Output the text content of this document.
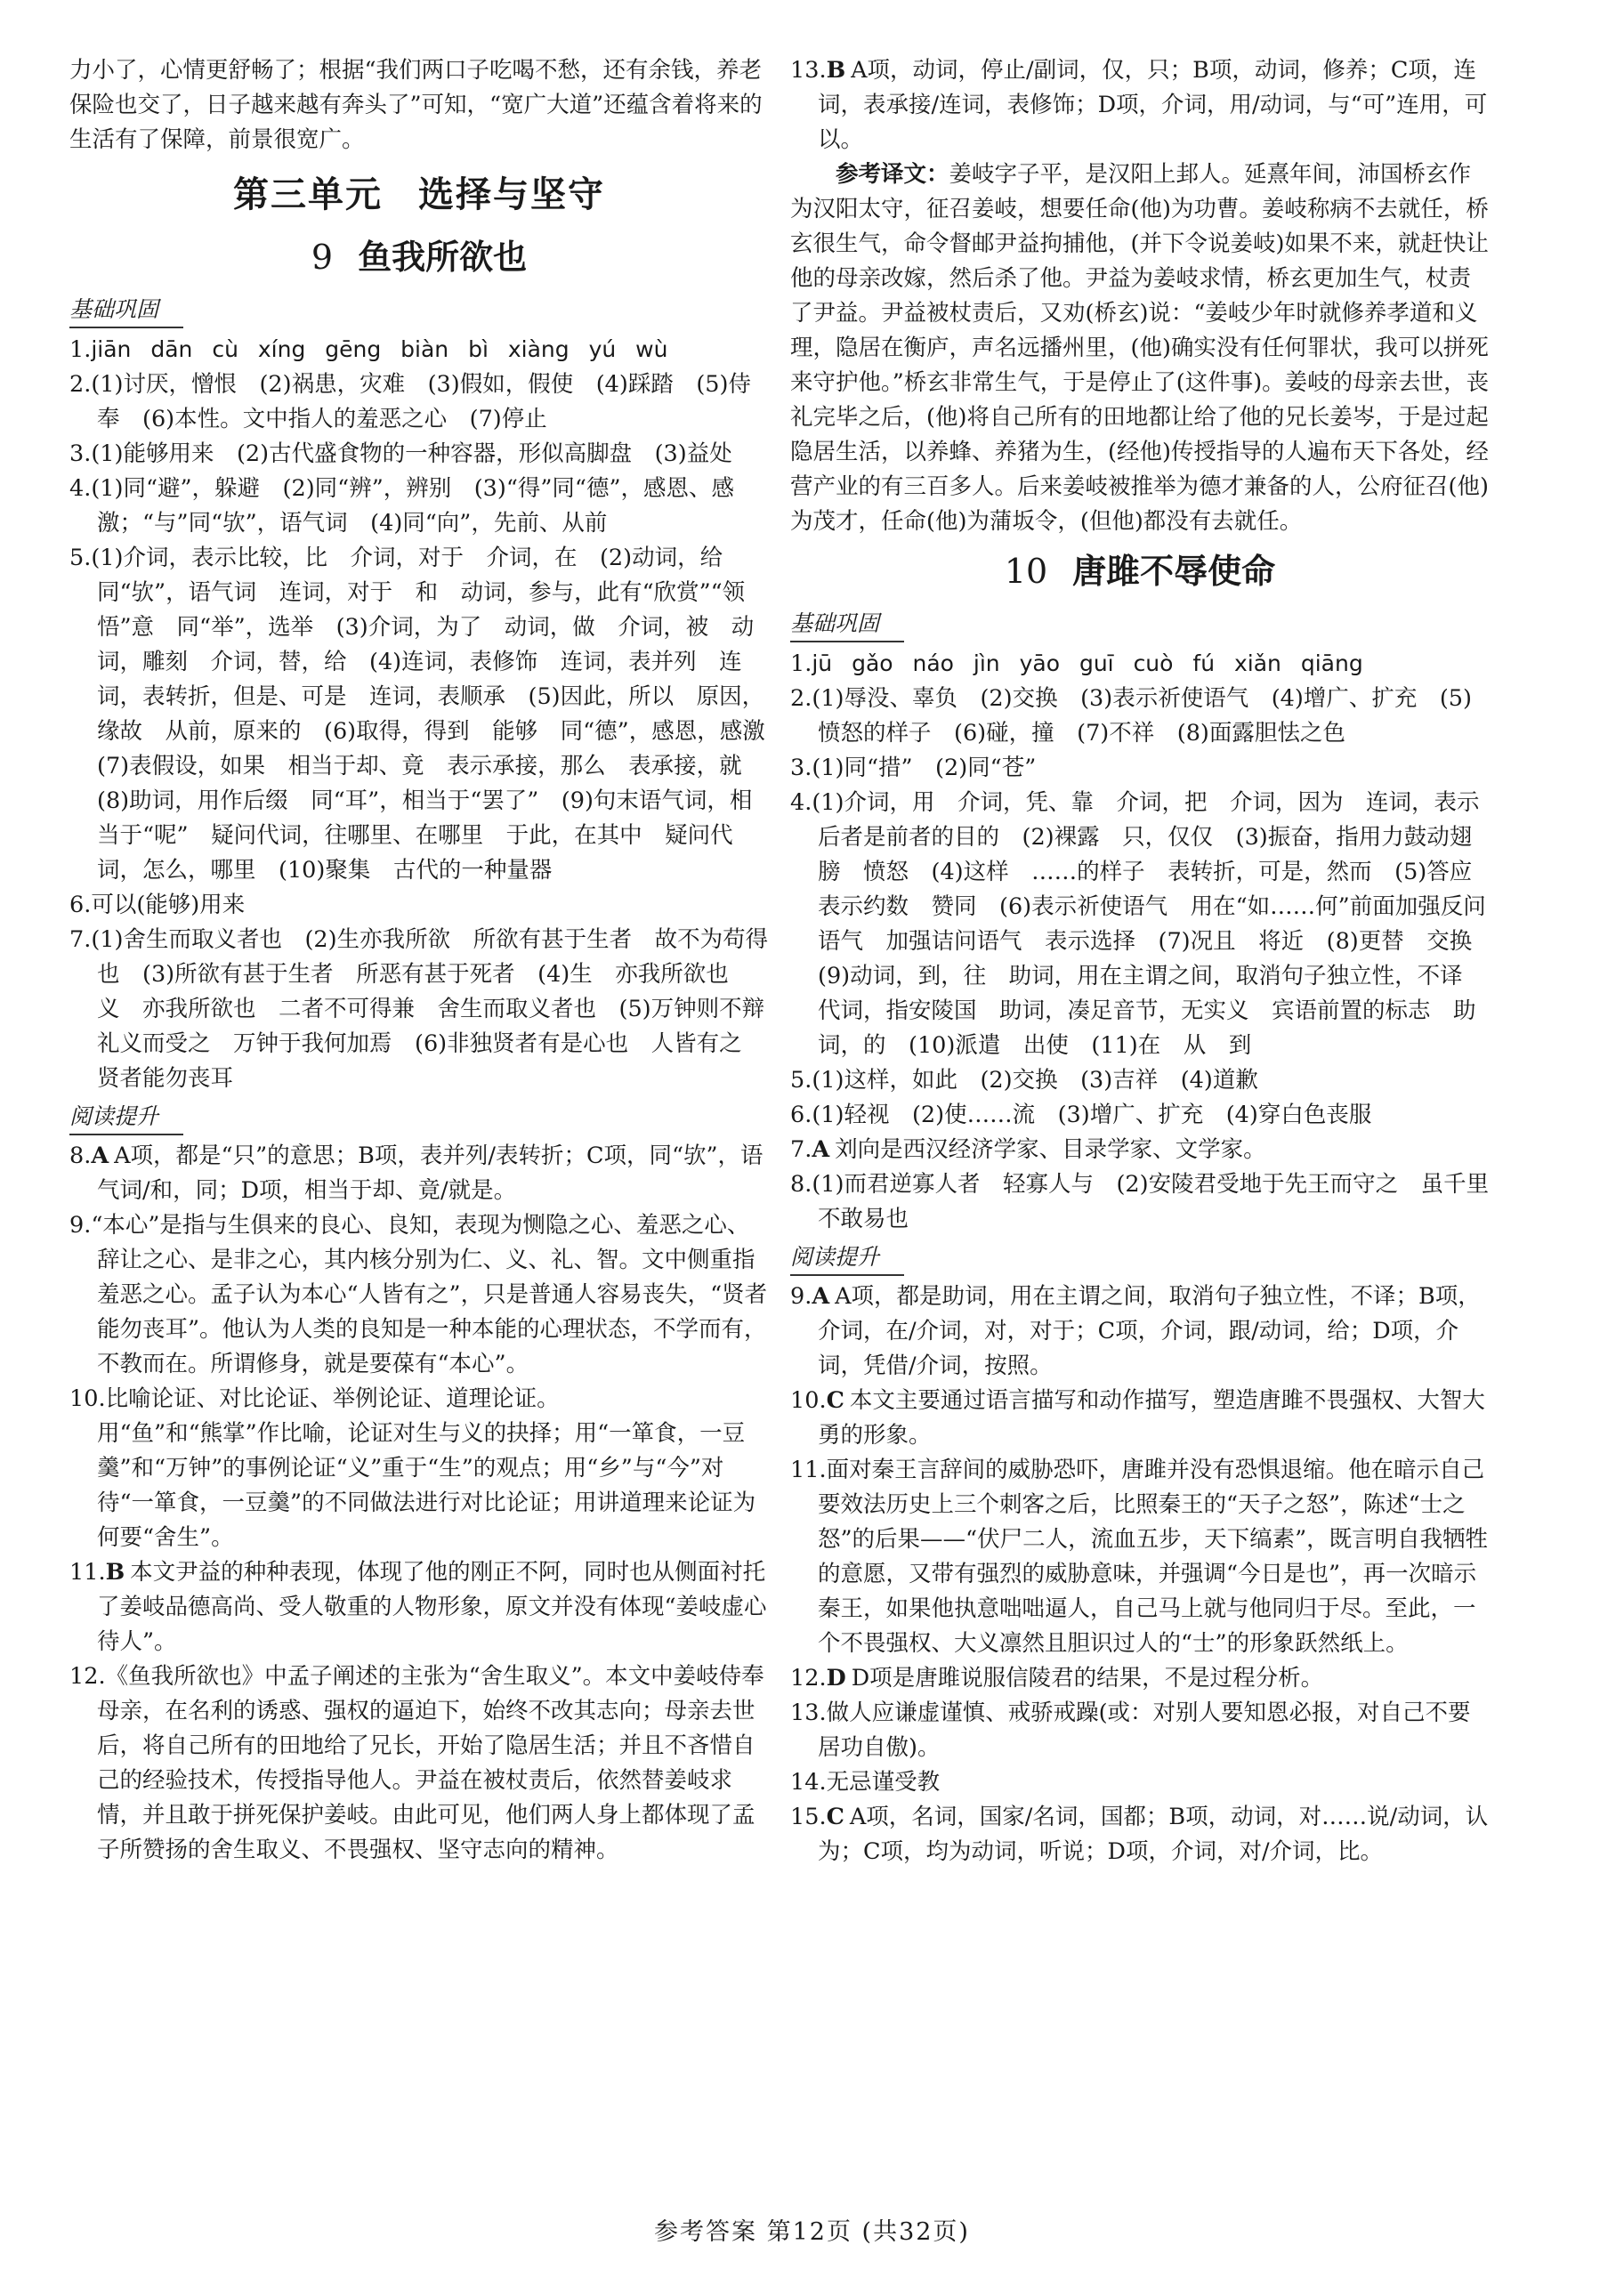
力小了，心情更舒畅了；根据“我们两口子吃喝不愁，还有余钱，养老保险也交了，日子越来越有奔头了”可知，“宽广大道”还蕴含着将来的生活有了保障，前景很宽广。

第三单元 选择与坚守
9 鱼我所欲也
基础巩固

1.jiān dān cù xíng gēng biàn bì xiàng yú wù

2.(1)讨厌，憎恨　(2)祸患，灾难　(3)假如，假使　(4)踩踏　(5)侍奉　(6)本性。文中指人的羞恶之心　(7)停止

3.(1)能够用来　(2)古代盛食物的一种容器，形似高脚盘　(3)益处

4.(1)同“避”，躲避　(2)同“辨”，辨别　(3)“得”同“德”，感恩、感激；“与”同“欤”，语气词　(4)同“向”，先前、从前

5.(1)介词，表示比较，比　介词，对于　介词，在　(2)动词，给　同“欤”，语气词　连词，对于　和　动词，参与，此有“欣赏”“领悟”意　同“举”，选举　(3)介词，为了　动词，做　介词，被　动词，雕刻　介词，替，给　(4)连词，表修饰　连词，表并列　连词，表转折，但是、可是　连词，表顺承　(5)因此，所以　原因，缘故　从前，原来的　(6)取得，得到　能够　同“德”，感恩，感激　(7)表假设，如果　相当于却、竟　表示承接，那么　表承接，就　(8)助词，用作后缀　同“耳”，相当于“罢了”　(9)句末语气词，相当于“呢”　疑问代词，往哪里、在哪里　于此，在其中　疑问代词，怎么，哪里　(10)聚集　古代的一种量器

6.可以(能够)用来

7.(1)舍生而取义者也　(2)生亦我所欲　所欲有甚于生者　故不为苟得也　(3)所欲有甚于生者　所恶有甚于死者　(4)生　亦我所欲也　义　亦我所欲也　二者不可得兼　舍生而取义者也　(5)万钟则不辩礼义而受之　万钟于我何加焉　(6)非独贤者有是心也　人皆有之　贤者能勿丧耳

阅读提升

8.A A项，都是“只”的意思；B项，表并列/表转折；C项，同“欤”，语气词/和，同；D项，相当于却、竟/就是。

9.“本心”是指与生俱来的良心、良知，表现为恻隐之心、羞恶之心、辞让之心、是非之心，其内核分别为仁、义、礼、智。文中侧重指羞恶之心。孟子认为本心“人皆有之”，只是普通人容易丧失，“贤者能勿丧耳”。他认为人类的良知是一种本能的心理状态，不学而有，不教而在。所谓修身，就是要葆有“本心”。

10.比喻论证、对比论证、举例论证、道理论证。
用“鱼”和“熊掌”作比喻，论证对生与义的抉择；用“一箪食，一豆羹”和“万钟”的事例论证“义”重于“生”的观点；用“乡”与“今”对待“一箪食，一豆羹”的不同做法进行对比论证；用讲道理来论证为何要“舍生”。

11.B 本文尹益的种种表现，体现了他的刚正不阿，同时也从侧面衬托了姜岐品德高尚、受人敬重的人物形象，原文并没有体现“姜岐虚心待人”。

12.《鱼我所欲也》中孟子阐述的主张为“舍生取义”。本文中姜岐侍奉母亲，在名利的诱惑、强权的逼迫下，始终不改其志向；母亲去世后，将自己所有的田地给了兄长，开始了隐居生活；并且不吝惜自己的经验技术，传授指导他人。尹益在被杖责后，依然替姜岐求情，并且敢于拼死保护姜岐。由此可见，他们两人身上都体现了孟子所赞扬的舍生取义、不畏强权、坚守志向的精神。

13.B A项，动词，停止/副词，仅，只；B项，动词，修养；C项，连词，表承接/连词，表修饰；D项，介词，用/动词，与“可”连用，可以。

参考译文：姜岐字子平，是汉阳上邽人。延熹年间，沛国桥玄作为汉阳太守，征召姜岐，想要任命(他)为功曹。姜岐称病不去就任，桥玄很生气，命令督邮尹益拘捕他，(并下令说姜岐)如果不来，就赶快让他的母亲改嫁，然后杀了他。尹益为姜岐求情，桥玄更加生气，杖责了尹益。尹益被杖责后，又劝(桥玄)说：“姜岐少年时就修养孝道和义理，隐居在衡庐，声名远播州里，(他)确实没有任何罪状，我可以拼死来守护他。”桥玄非常生气，于是停止了(这件事)。姜岐的母亲去世，丧礼完毕之后，(他)将自己所有的田地都让给了他的兄长姜岑，于是过起隐居生活，以养蜂、养猪为生，(经他)传授指导的人遍布天下各处，经营产业的有三百多人。后来姜岐被推举为德才兼备的人，公府征召(他)为茂才，任命(他)为蒲坂令，(但他)都没有去就任。

10 唐雎不辱使命
基础巩固

1.jū gǎo náo jìn yāo guī cuò fú xiǎn qiāng

2.(1)辱没、辜负　(2)交换　(3)表示祈使语气　(4)增广、扩充　(5)愤怒的样子　(6)碰，撞　(7)不祥　(8)面露胆怯之色

3.(1)同“措”　(2)同“苍”

4.(1)介词，用　介词，凭、靠　介词，把　介词，因为　连词，表示后者是前者的目的　(2)裸露　只，仅仅　(3)振奋，指用力鼓动翅膀　愤怒　(4)这样　……的样子　表转折，可是，然而　(5)答应　表示约数　赞同　(6)表示祈使语气　用在“如……何”前面加强反问语气　加强诘问语气　表示选择　(7)况且　将近　(8)更替　交换　(9)动词，到，往　助词，用在主谓之间，取消句子独立性，不译　代词，指安陵国　助词，凑足音节，无实义　宾语前置的标志　助词，的　(10)派遣　出使　(11)在　从　到

5.(1)这样，如此　(2)交换　(3)吉祥　(4)道歉

6.(1)轻视　(2)使……流　(3)增广、扩充　(4)穿白色丧服

7.A 刘向是西汉经济学家、目录学家、文学家。

8.(1)而君逆寡人者　轻寡人与　(2)安陵君受地于先王而守之　虽千里不敢易也

阅读提升

9.A A项，都是助词，用在主谓之间，取消句子独立性，不译；B项，介词，在/介词，对，对于；C项，介词，跟/动词，给；D项，介词，凭借/介词，按照。

10.C 本文主要通过语言描写和动作描写，塑造唐雎不畏强权、大智大勇的形象。

11.面对秦王言辞间的威胁恐吓，唐雎并没有恐惧退缩。他在暗示自己要效法历史上三个刺客之后，比照秦王的“天子之怒”，陈述“士之怒”的后果——“伏尸二人，流血五步，天下缟素”，既言明自我牺牲的意愿，又带有强烈的威胁意味，并强调“今日是也”，再一次暗示秦王，如果他执意咄咄逼人，自己马上就与他同归于尽。至此，一个不畏强权、大义凛然且胆识过人的“士”的形象跃然纸上。

12.D D项是唐雎说服信陵君的结果，不是过程分析。

13.做人应谦虚谨慎、戒骄戒躁(或：对别人要知恩必报，对自己不要居功自傲)。

14.无忌谨受教

15.C A项，名词，国家/名词，国都；B项，动词，对……说/动词，认为；C项，均为动词，听说；D项，介词，对/介词，比。

参考答案 第12页 (共32页)
